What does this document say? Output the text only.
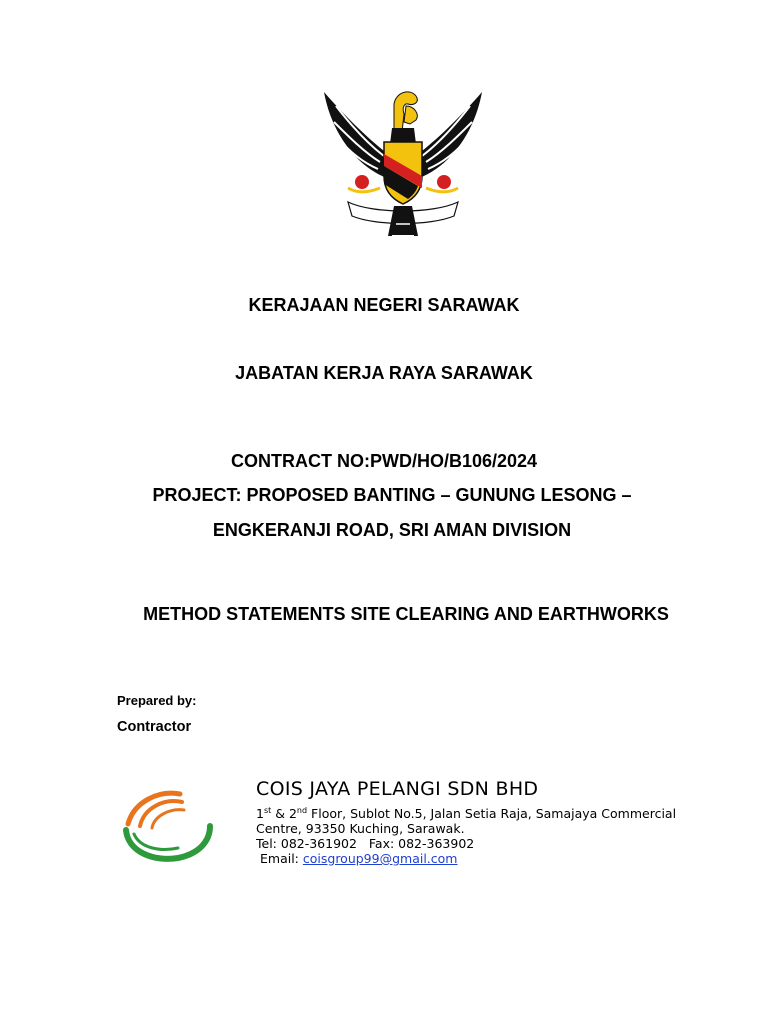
KERAJAAN NEGERI SARAWAK
JABATAN KERJA RAYA SARAWAK
CONTRACT NO:PWD/HO/B106/2024
PROJECT: PROPOSED BANTING – GUNUNG LESONG –
ENGKERANJI ROAD, SRI AMAN DIVISION
METHOD STATEMENTS SITE CLEARING AND EARTHWORKS
Prepared by:
Contractor
COIS JAYA PELANGI SDN BHD
1st & 2nd Floor, Sublot No.5, Jalan Setia Raja, Samajaya Commercial
Centre, 93350 Kuching, Sarawak.
Tel: 082-361902   Fax: 082-363902
Email: coisgroup99@gmail.com
